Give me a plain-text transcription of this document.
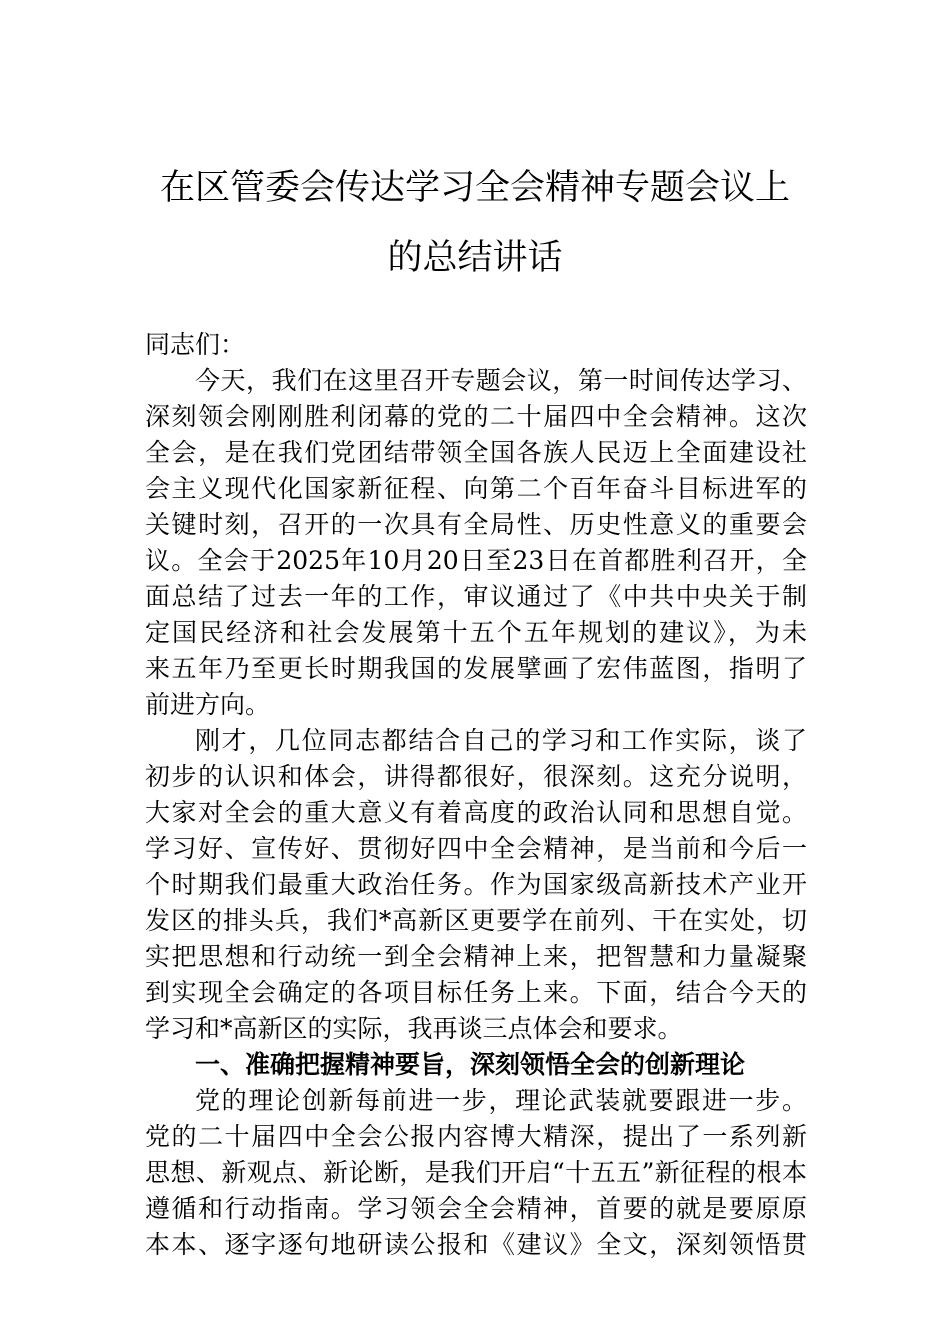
在区管委会传达学习全会精神专题会议上
的总结讲话
同志们：
今天，我们在这里召开专题会议，第一时间传达学习、
深刻领会刚刚胜利闭幕的党的二十届四中全会精神。这次
全会，是在我们党团结带领全国各族人民迈上全面建设社
会主义现代化国家新征程、向第二个百年奋斗目标进军的
关键时刻，召开的一次具有全局性、历史性意义的重要会
议。全会于2025年10月20日至23日在首都胜利召开，全
面总结了过去一年的工作，审议通过了《中共中央关于制
定国民经济和社会发展第十五个五年规划的建议》，为未
来五年乃至更长时期我国的发展擘画了宏伟蓝图，指明了
前进方向。
刚才，几位同志都结合自己的学习和工作实际，谈了
初步的认识和体会，讲得都很好，很深刻。这充分说明，
大家对全会的重大意义有着高度的政治认同和思想自觉。
学习好、宣传好、贯彻好四中全会精神，是当前和今后一
个时期我们最重大政治任务。作为国家级高新技术产业开
发区的排头兵，我们*高新区更要学在前列、干在实处，切
实把思想和行动统一到全会精神上来，把智慧和力量凝聚
到实现全会确定的各项目标任务上来。下面，结合今天的
学习和*高新区的实际，我再谈三点体会和要求。
一、准确把握精神要旨，深刻领悟全会的创新理论
党的理论创新每前进一步，理论武装就要跟进一步。
党的二十届四中全会公报内容博大精深，提出了一系列新
思想、新观点、新论断，是我们开启“十五五”新征程的根本
遵循和行动指南。学习领会全会精神，首要的就是要原原
本本、逐字逐句地研读公报和《建议》全文，深刻领悟贯
